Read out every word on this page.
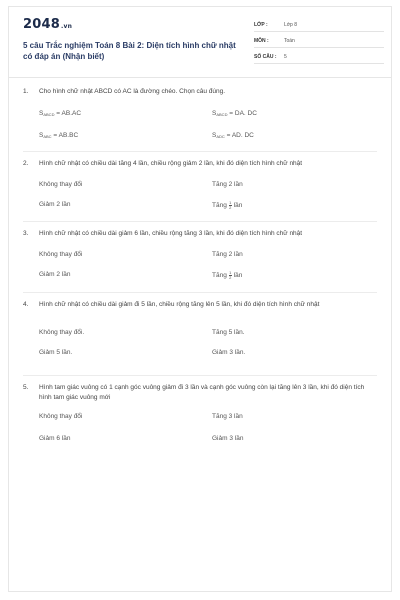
2048.vn
5 câu Trắc nghiệm Toán 8 Bài 2: Diện tích hình chữ nhật có đáp án (Nhận biết)
LỚP :	Lớp 8
MÔN :	Toán
SỐ CÂU :	5
1.	Cho hình chữ nhật ABCD có AC là đường chéo. Chọn câu đúng.
$S_{ABCD} = AB.AC$	$S_{ABCD}$ = DA. DC
$S_{ABC} = AB.BC$	$S_{ADC}$ = AD. DC
2.	Hình chữ nhật có chiều dài tăng 4 lần, chiều rộng giảm 2 lần, khi đó diện tích hình chữ nhật
Không thay đổi	Tăng 2 lần
Giảm 2 lần	Tăng $\frac{1}{2}$ lần
3.	Hình chữ nhật có chiều dài giảm 6 lần, chiều rộng tăng 3 lần, khi đó diện tích hình chữ nhật
Không thay đổi	Tăng 2 lần
Giảm 2 lần	Tăng $\frac{1}{2}$ lần
4.	Hình chữ nhật có chiều dài giảm đi 5 lần, chiều rộng tăng lên 5 lần, khi đó diện tích hình chữ nhật
Không thay đổi.	Tăng 5 lần.
Giảm 5 lần.	Giảm 3 lần.
5.	Hình tam giác vuông có 1 cạnh góc vuông giảm đi 3 lần và cạnh góc vuông còn lại tăng lên 3 lần, khi đó diện tích hình tam giác vuông mới
Không thay đổi	Tăng 3 lần
Giảm 6 lần	Giảm 3 lần
